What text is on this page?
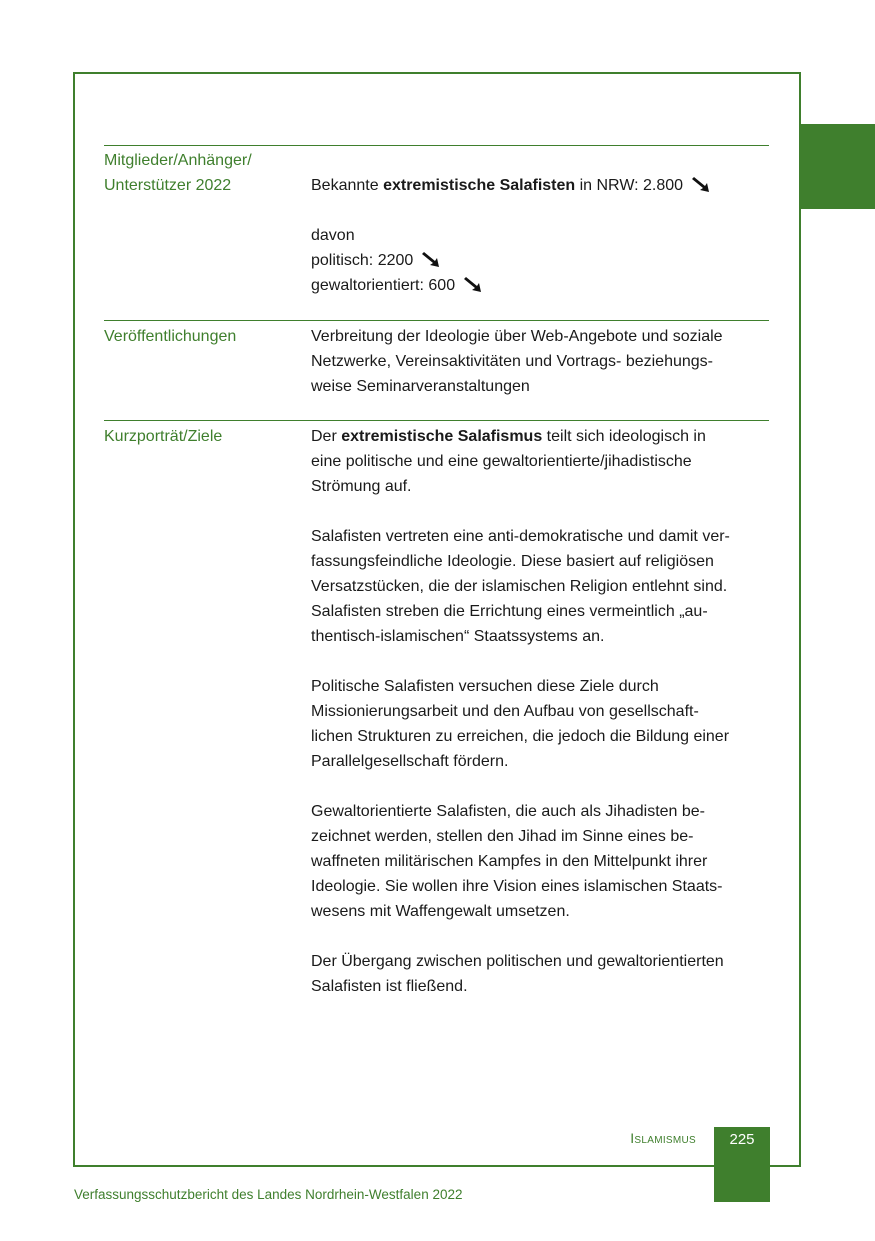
Mitglieder/Anhänger/
Unterstützer 2022	Bekannte extremistische Salafisten in NRW: 2.800

davon

politisch: 2200

gewaltorientiert: 600

Veröffentlichungen	Verbreitung der Ideologie über Web-Angebote und soziale

Netzwerke, Vereinsaktivitäten und Vortrags- beziehungs-

weise Seminarveranstaltungen

Kurzporträt/Ziele	Der extremistische Salafismus teilt sich ideologisch in

eine politische und eine gewaltorientierte/jihadistische

Strömung auf.

Salafisten vertreten eine anti-demokratische und damit ver-

fassungsfeindliche Ideologie. Diese basiert auf religiösen

Versatzstücken, die der islamischen Religion entlehnt sind.

Salafisten streben die Errichtung eines vermeintlich „au-

thentisch-islamischen“ Staatssystems an.

Politische Salafisten versuchen diese Ziele durch

Missionierungsarbeit und den Aufbau von gesellschaft-

lichen Strukturen zu erreichen, die jedoch die Bildung einer

Parallelgesellschaft fördern.

Gewaltorientierte Salafisten, die auch als Jihadisten be-

zeichnet werden, stellen den Jihad im Sinne eines be-

waffneten militärischen Kampfes in den Mittelpunkt ihrer

Ideologie. Sie wollen ihre Vision eines islamischen Staats-

wesens mit Waffengewalt umsetzen.

Der Übergang zwischen politischen und gewaltorientierten

Salafisten ist fließend.

Islamismus	225
Verfassungsschutzbericht des Landes Nordrhein-Westfalen 2022
